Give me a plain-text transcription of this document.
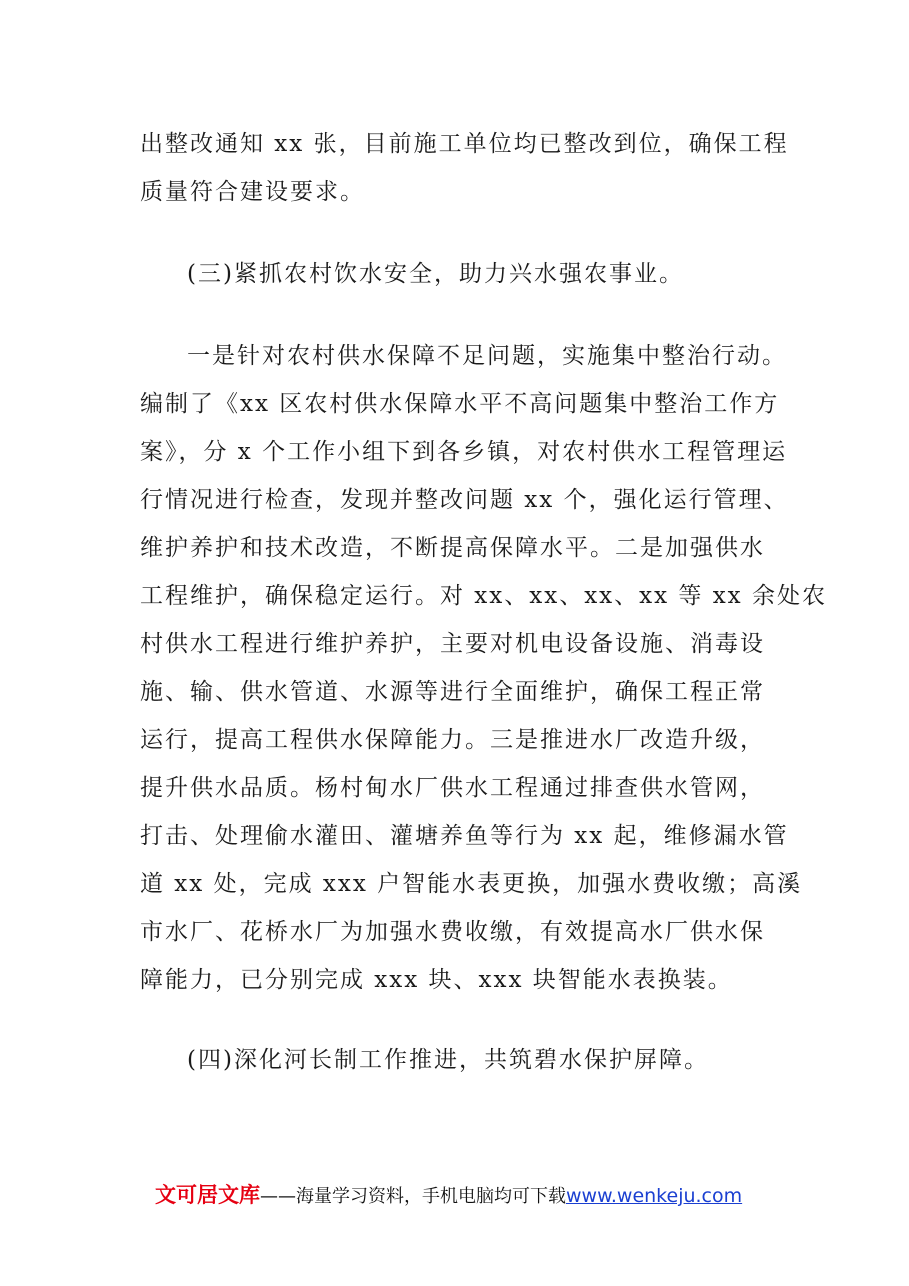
出整改通知 xx 张，目前施工单位均已整改到位，确保工程
质量符合建设要求。
(三)紧抓农村饮水安全，助力兴水强农事业。
一是针对农村供水保障不足问题，实施集中整治行动。
编制了《xx 区农村供水保障水平不高问题集中整治工作方
案》，分 x 个工作小组下到各乡镇，对农村供水工程管理运
行情况进行检查，发现并整改问题 xx 个，强化运行管理、
维护养护和技术改造，不断提高保障水平。二是加强供水
工程维护，确保稳定运行。对 xx、xx、xx、xx 等 xx 余处农
村供水工程进行维护养护，主要对机电设备设施、消毒设
施、输、供水管道、水源等进行全面维护，确保工程正常
运行，提高工程供水保障能力。三是推进水厂改造升级，
提升供水品质。杨村甸水厂供水工程通过排查供水管网，
打击、处理偷水灌田、灌塘养鱼等行为 xx 起，维修漏水管
道 xx 处，完成 xxx 户智能水表更换，加强水费收缴；高溪
市水厂、花桥水厂为加强水费收缴，有效提高水厂供水保
障能力，已分别完成 xxx 块、xxx 块智能水表换装。
(四)深化河长制工作推进，共筑碧水保护屏障。
文可居文库——海量学习资料，手机电脑均可下载www.wenkeju.com
